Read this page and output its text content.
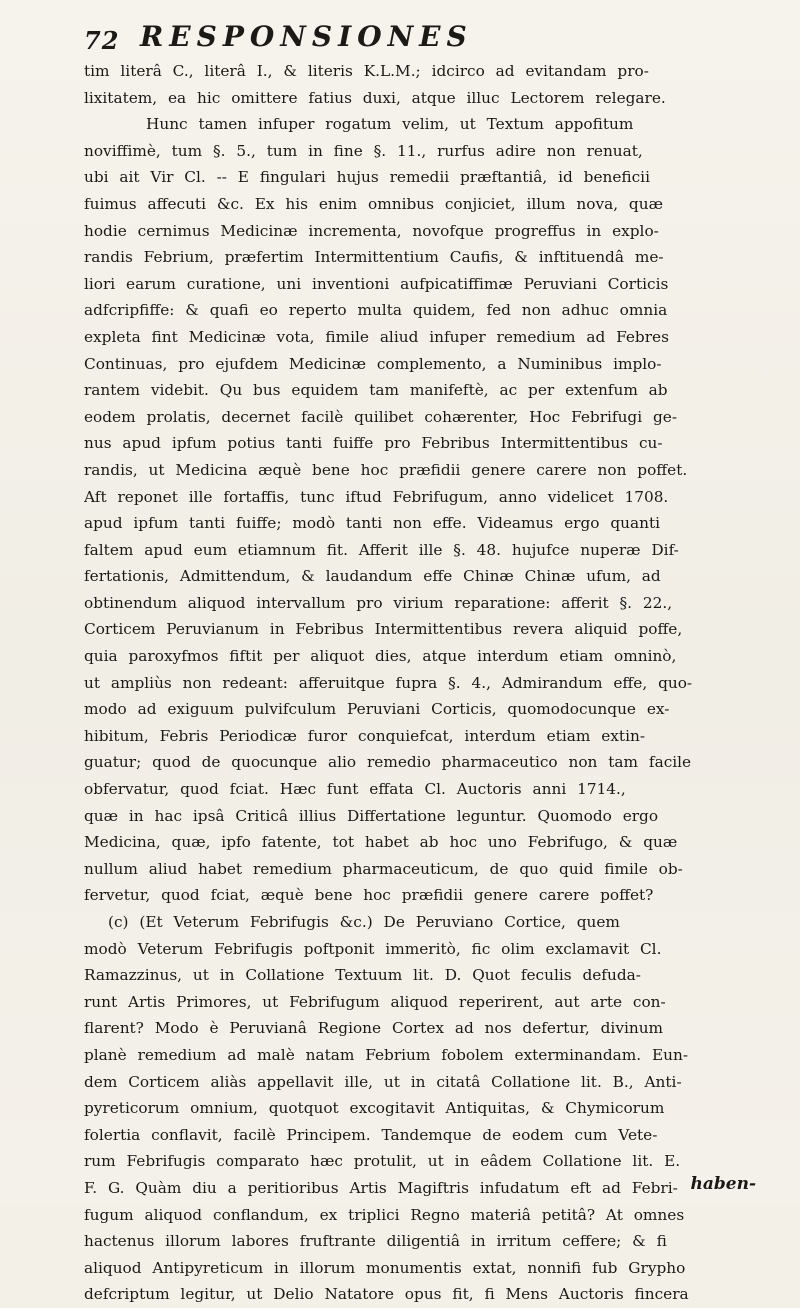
72 RESPONSIONES
tim literâ C., literâ I., & literis K.L.M.; idcirco ad evitandam pro-
lixitatem, ea hic omittere fatius duxi, atque illuc Lectorem relegare.
Hunc tamen infuper rogatum velim, ut Textum appofitum
noviffimè, tum §. 5., tum in fine §. 11., rurfus adire non renuat,
ubi ait Vir Cl. -- E fingulari hujus remedii præftantiâ, id beneficii
fuimus affecuti &c. Ex his enim omnibus conjiciet, illum nova, quæ
hodie cernimus Medicinæ incrementa, novofque progreffus in explo-
randis Febrium, præfertim Intermittentium Caufis, & inftituendâ me-
liori earum curatione, uni inventioni aufpicatiffimæ Peruviani Corticis
adfcripfiffe: & quafi eo reperto multa quidem, fed non adhuc omnia
expleta fint Medicinæ vota, fimile aliud infuper remedium ad Febres
Continuas, pro ejufdem Medicinæ complemento, a Numinibus implo-
rantem videbit. Qu bus equidem tam manifeftè, ac per extenfum ab
eodem prolatis, decernet facilè quilibet cohærenter, Hoc Febrifugi ge-
nus apud ipfum potius tanti fuiffe pro Febribus Intermittentibus cu-
randis, ut Medicina æquè bene hoc præfidii genere carere non poffet.
Aft reponet ille fortaffis, tunc iftud Febrifugum, anno videlicet 1708.
apud ipfum tanti fuiffe; modò tanti non effe. Videamus ergo quanti
faltem apud eum etiamnum fit. Afferit ille §. 48. hujufce nuperæ Dif-
fertationis, Admittendum, & laudandum effe Chinæ Chinæ ufum, ad
obtinendum aliquod intervallum pro virium reparatione: afferit §. 22.,
Corticem Peruvianum in Febribus Intermittentibus revera aliquid poffe,
quia paroxyfmos fiftit per aliquot dies, atque interdum etiam omninò,
ut ampliùs non redeant: afferuitque fupra §. 4., Admirandum effe, quo-
modo ad exiguum pulvifculum Peruviani Corticis, quomodocunque ex-
hibitum, Febris Periodicæ furor conquiefcat, interdum etiam extin-
guatur; quod de quocunque alio remedio pharmaceutico non tam facile
obfervatur, quod fciat. Hæc funt effata Cl. Auctoris anni 1714.,
quæ in hac ipsâ Criticâ illius Differtatione leguntur. Quomodo ergo
Medicina, quæ, ipfo fatente, tot habet ab hoc uno Febrifugo, & quæ
nullum aliud habet remedium pharmaceuticum, de quo quid fimile ob-
fervetur, quod fciat, æquè bene hoc præfidii genere carere poffet?
(c) (Et Veterum Febrifugis &c.) De Peruviano Cortice, quem
modò Veterum Febrifugis poftponit immeritò, fic olim exclamavit Cl.
Ramazzinus, ut in Collatione Textuum lit. D. Quot feculis defuda-
runt Artis Primores, ut Febrifugum aliquod reperirent, aut arte con-
flarent? Modo è Peruvianâ Regione Cortex ad nos defertur, divinum
planè remedium ad malè natam Febrium fobolem exterminandam. Eun-
dem Corticem aliàs appellavit ille, ut in citatâ Collatione lit. B., Anti-
pyreticorum omnium, quotquot excogitavit Antiquitas, & Chymicorum
folertia conflavit, facilè Principem. Tandemque de eodem cum Vete-
rum Febrifugis comparato hæc protulit, ut in eâdem Collatione lit. E.
F. G. Quàm diu a peritioribus Artis Magiftris infudatum eft ad Febri-
fugum aliquod conflandum, ex triplici Regno materiâ petitâ? At omnes
hactenus illorum labores fruftrante diligentiâ in irritum ceffere; & fi
aliquod Antipyreticum in illorum monumentis extat, nonnifi fub Grypho
defcriptum legitur, ut Delio Natatore opus fit, fi Mens Auctoris fincera
haben-
